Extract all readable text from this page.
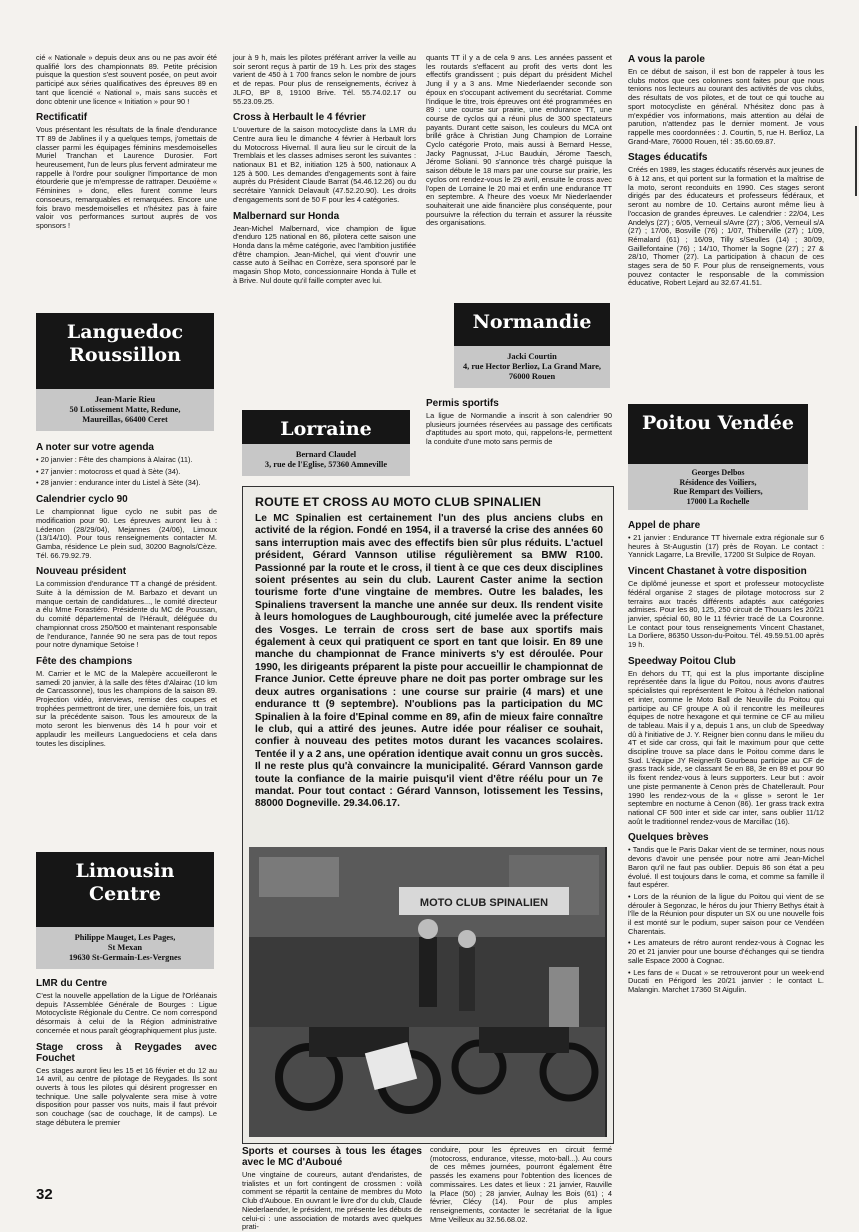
cié « Nationale » depuis deux ans ou ne pas avoir été qualifié lors des championnats 89. Petite précision puisque la question s'est souvent posée, on peut avoir participé aux séries qualificatives des épreuves 89 en tant que licencié « National », mais sans succès et donc obtenir une licence « Initiation » pour 90 !

Rectificatif

Vous présentant les résultats de la finale d'endurance TT 89 de Jablines il y a quelques temps, j'omettais de classer parmi les équipages féminins mesdemoiselles Muriel Tranchan et Laurence Durosier. Fort heureusement, l'un de leurs plus fervent admirateur me rappelle à l'ordre pour souligner l'importance de mon étourderie que je m'empresse de rattraper. Deuxième « Féminines » donc, elles furent comme leurs consoeurs, remarquables et remarquées. Encore une fois bravo mesdemoiselles et n'hésitez pas à faire valoir vos performances surtout auprès de vos sponsors !

Languedoc
Roussillon
Jean-Marie Rieu
50 Lotissement Matte, Redune,
Maureillas, 66400 Ceret
A noter sur votre agenda

• 20 janvier : Fête des champions à Alairac (11).

• 27 janvier : motocross et quad à Sète (34).

• 28 janvier : endurance inter du Listel à Sète (34).

Calendrier cyclo 90

Le championnat ligue cyclo ne subit pas de modification pour 90. Les épreuves auront lieu à : Lédenon (28/29/04), Mejannes (24/06), Limoux (13/14/10). Pour tous renseignements contacter M. Gamba, résidence Le plein sud, 30200 Bagnols/Cèze. Tél. 66.79.92.79.

Nouveau président

La commission d'endurance TT a changé de président. Suite à la démission de M. Barbazo et devant un manque certain de candidatures..., le comité directeur a élu Mme Forastiéro. Présidente du MC de Poussan, du comité départemental de l'Hérault, déléguée du championnat cross 250/500 et maintenant responsable de l'endurance, l'année 90 ne sera pas de tout repos pour notre dynamique Setoise !

Fête des champions

M. Carrier et le MC de la Malepère accueilleront le samedi 20 janvier, à la salle des fêtes d'Alairac (10 km de Carcassonne), tous les champions de la saison 89. Projection vidéo, interviews, remise des coupes et trophées permettront de tirer, une dernière fois, un trait sur la précédente saison. Tous les amoureux de la moto seront les bienvenus dès 14 h pour voir et applaudir les meilleurs Languedociens et cela dans toutes les disciplines.

Limousin
Centre
Philippe Mauget, Les Pages,
St Mexan
19630 St-Germain-Les-Vergnes
LMR du Centre

C'est la nouvelle appellation de la Ligue de l'Orléanais depuis l'Assemblée Générale de Bourges : Ligue Motocycliste Régionale du Centre. Ce nom correspond désormais à celui de la Région administrative concernée et nous paraît géographiquement plus juste.

Stage cross à Reygades avec Fouchet

Ces stages auront lieu les 15 et 16 février et du 12 au 14 avril, au centre de pilotage de Reygades. Ils sont ouverts à tous les pilotes qui désirent progresser en technique. Une salle polyvalente sera mise à votre disposition pour passer vos nuits, mais il faut prévoir son couchage (sac de couchage, lit de camps). Le stage débutera le premier

32

jour à 9 h, mais les pilotes préférant arriver la veille au soir seront reçus à partir de 19 h. Les prix des stages varient de 450 à 1 700 francs selon le nombre de jours et de repas. Pour plus de renseignements, écrivez à JLFO, BP 8, 19100 Brive. Tél. 55.74.02.17 ou 55.23.09.25.

Cross à Herbault le 4 février

L'ouverture de la saison motocycliste dans la LMR du Centre aura lieu le dimanche 4 février à Herbault lors du Motocross Hivernal. Il aura lieu sur le circuit de la Tremblais et les classes admises seront les suivantes : nationaux B1 et B2, initiation 125 à 500, nationaux A 125 à 500. Les demandes d'engagements sont à faire auprès du Président Claude Barrat (54.46.12.26) ou du secrétaire Yannick Delavault (47.52.20.90). Les droits d'engagements sont de 50 F pour les 4 catégories.

Malbernard sur Honda

Jean-Michel Malbernard, vice champion de ligue d'enduro 125 national en 86, pilotera cette saison une Honda dans la même catégorie, avec l'ambition justifiée d'être champion. Jean-Michel, qui vient d'ouvrir une casse auto à Seilhac en Corrèze, sera sponsoré par le magasin Shop Moto, concessionnaire Honda à Tulle et à Brive. Nul doute qu'il faille compter avec lui.

Lorraine
Bernard Claudel
3, rue de l'Eglise, 57360 Amneville

quants TT il y a de cela 9 ans. Les années passent et les routards s'effacent au profit des verts dont les effectifs grandissent ; puis départ du président Michel Jung il y a 3 ans. Mme Niederlaender seconde son époux en s'occupant activement du secrétariat. Comme l'indique le titre, trois épreuves ont été programmées en 89 : une course sur prairie, une endurance TT, une course de cyclos qui a réuni plus de 300 spectateurs payants. Durant cette saison, les couleurs du MCA ont brillé grâce à Christian Jung Champion de Lorraine Cyclo catégorie Proto, mais aussi à Bernard Hesse, Jacky Pagnussat, J-Luc Bauduin, Jérome Taesch, Jérome Soliani. 90 s'annonce très chargé puisque la saison débute le 18 mars par une course sur prairie, les cyclos ont rendez-vous le 29 avril, ensuite le cross avec l'open de Lorraine le 20 mai et enfin une endurance TT en septembre. A l'heure des voeux Mr Niederlaender souhaiterait une aide financière plus conséquente, pour poursuivre la réfection du terrain et assurer la réussite des organisations.

Normandie
Jacki Courtin
4, rue Hector Berlioz, La Grand Mare,
76000 Rouen
Permis sportifs

La ligue de Normandie a inscrit à son calendrier 90 plusieurs journées réservées au passage des certificats d'aptitudes au sport moto, qui, rappelons-le, permettent la conduite d'une moto sans permis de

ROUTE ET CROSS AU MOTO CLUB SPINALIEN
Le MC Spinalien est certainement l'un des plus anciens clubs en activité de la région. Fondé en 1954, il a traversé la crise des années 60 sans interruption mais avec des effectifs bien sûr plus réduits. L'actuel président, Gérard Vannson utilise régulièrement sa BMW R100. Passionné par la route et le cross, il tient à ce que ces deux disciplines soient présentes au sein du club. Laurent Caster anime la section tourisme forte d'une vingtaine de membres. Outre les balades, les Spinaliens traversent la manche une année sur deux. Ils rendent visite à leurs homologues de Laughbourough, cité jumelée avec la préfecture des Vosges. Le terrain de cross sert de base aux sportifs mais également à ceux qui pratiquent ce sport en tant que loisir. En 89 une manche du championnat de France miniverts s'y est déroulée. Pour 1990, les dirigeants préparent la piste pour accueillir le championnat de France Junior. Cette épreuve phare ne doit pas porter ombrage sur les deux autres organisations : une course sur prairie (4 mars) et une endurance tt (9 septembre). N'oublions pas la participation du MC Spinalien à la foire d'Epinal comme en 89, afin de mieux faire connaître le club, qui a attiré des jeunes. Autre idée pour réaliser ce souhait, confier à nouveau des petites motos durant les vacances scolaires. Tentée il y a 2 ans, une opération identique avait connu un gros succès. Il ne reste plus qu'à convaincre la municipalité. Gérard Vannson garde toute la confiance de la mairie puisqu'il vient d'être réélu pour un 7e mandat. Pour tout contact : Gérard Vannson, lotissement les Tessins, 88000 Dogneville. 29.34.06.17.
MOTO CLUB SPINALIEN
Sports et courses à tous les étages avec le MC d'Auboué

Une vingtaine de coureurs, autant d'endaristes, de trialistes et un fort contingent de crossmen : voilà comment se répartit la centaine de membres du Moto Club d'Auboue. En ouvrant le livre d'or du club, Claude Niederlaender, le président, me présente les débuts de celui-ci : une association de motards avec quelques prati-

conduire, pour les épreuves en circuit fermé (motocross, endurance, vitesse, moto-ball...). Au cours de ces mêmes journées, pourront également être passés les examens pour l'obtention des licences de commissaires. Les dates et lieux : 21 janvier, Rauville la Place (50) ; 28 janvier, Aulnay les Bois (61) ; 4 février, Clécy (14). Pour de plus amples renseignements, contacter le secrétariat de la ligue Mme Veilleux au 32.56.68.02.

A vous la parole

En ce début de saison, il est bon de rappeler à tous les clubs motos que ces colonnes sont faites pour que nous tenions nos lecteurs au courant des activités de vos clubs, des résultats de vos pilotes, et de tout ce qui touche au sport motocycliste en général. N'hésitez donc pas à m'expédier vos informations, mais attention au délai de parution, n'attendez pas le dernier moment. Je vous rappelle mes coordonnées : J. Courtin, 5, rue H. Berlioz, La Grand-Mare, 76000 Rouen, tél : 35.60.69.87.

Stages éducatifs

Créés en 1989, les stages éducatifs réservés aux jeunes de 6 à 12 ans, et qui portent sur la formation et la maîtrise de la moto, seront reconduits en 1990. Ces stages seront dirigés par des éducateurs et professeurs fédéraux, et seront au nombre de 10. Certains auront même lieu à l'occasion de grandes épreuves. Le calendrier : 22/04, Les Andelys (27) ; 6/05, Verneuil s/Avre (27) ; 3/06, Verneuil s/A (27) ; 17/06, Bosville (76) ; 1/07, Thiberville (27) ; 1/09, Rémalard (61) ; 16/09, Tilly s/Seulles (14) ; 30/09, Gaillefontaine (76) ; 14/10, Thomer la Sogne (27) ; 27 & 28/10, Thomer (27). La participation à chacun de ces stages sera de 50 F. Pour plus de renseignements, vous pouvez contacter le responsable de la commission éducative, Robert Lejard au 32.67.41.51.

Poitou Vendée
Georges Delbos
Résidence des Voiliers,
Rue Rempart des Voiliers,
17000 La Rochelle
Appel de phare

• 21 janvier : Endurance TT hivernale extra régionale sur 6 heures à St-Augustin (17) près de Royan. Le contact : Yannick Lagarre, La Breville, 17200 St Sulpice de Royan.

Vincent Chastanet à votre disposition

Ce diplômé jeunesse et sport et professeur motocycliste fédéral organise 2 stages de pilotage motocross sur 2 terrains aux tracés différents adaptés aux catégories admises. Pour les 80, 125, 250 circuit de Thouars les 20/21 janvier, spécial 60, 80 le 11 février tracé de La Couronne. Le contact pour tous renseignements Vincent Chastanet, La Dorliere, 86350 Usson-du-Poitou. Tél. 49.59.51.00 après 19 h.

Speedway Poitou Club

En dehors du TT, qui est la plus importante discipline représentée dans la ligue du Poitou, nous avons d'autres spécialistes qui représentent le Poitou à l'échelon national et inter, comme le Moto Ball de Neuville du Poitou qui participe au CF groupe A où il rencontre les meilleures équipes de notre hexagone et qui termine ce CF au milieu de tableau. Mais il y a, depuis 1 ans, un club de Speedway dû à l'initiative de J. Y. Reigner bien connu dans le milieu du 4T et side car cross, qui fait le maximum pour que cette discipline trouve sa place dans le Poitou comme dans le Sud. L'équipe JY Reigner/B Gourbeau participe au CF de grass track side, se classant 5e en 88, 3e en 89 et pour 90 ils fixent rendez-vous à leurs supporters. Leur but : avoir une piste permanente à Cenon près de Chatellerault. Pour 1990 les rendez-vous de la « glisse » seront le 1er septembre en nocturne à Cenon (86). 1er grass track extra national CF 500 inter et side car inter, sans oublier 11/12 août le traditionnel rendez-vous de Marcillac (16).

Quelques brèves

• Tandis que le Paris Dakar vient de se terminer, nous nous devons d'avoir une pensée pour notre ami Jean-Michel Baron qu'il ne faut pas oublier. Depuis 86 son état a peu évolué. Il est toujours dans le coma, et comme sa famille il faut espérer.

• Lors de la réunion de la ligue du Poitou qui vient de se dérouler à Segonzac, le héros du jour Thierry Bethys était à l'île de la Réunion pour disputer un SX ou une nouvelle fois il est monté sur le podium, super saison pour ce Vendéen Charentais.

• Les amateurs de rétro auront rendez-vous à Cognac les 20 et 21 janvier pour une bourse d'échanges qui se tiendra salle Espace 2000 à Cognac.

• Les fans de « Ducat » se retrouveront pour un week-end Ducati en Périgord les 20/21 janvier : le contact L. Malangin. Marchet 17360 St Aigulin.
